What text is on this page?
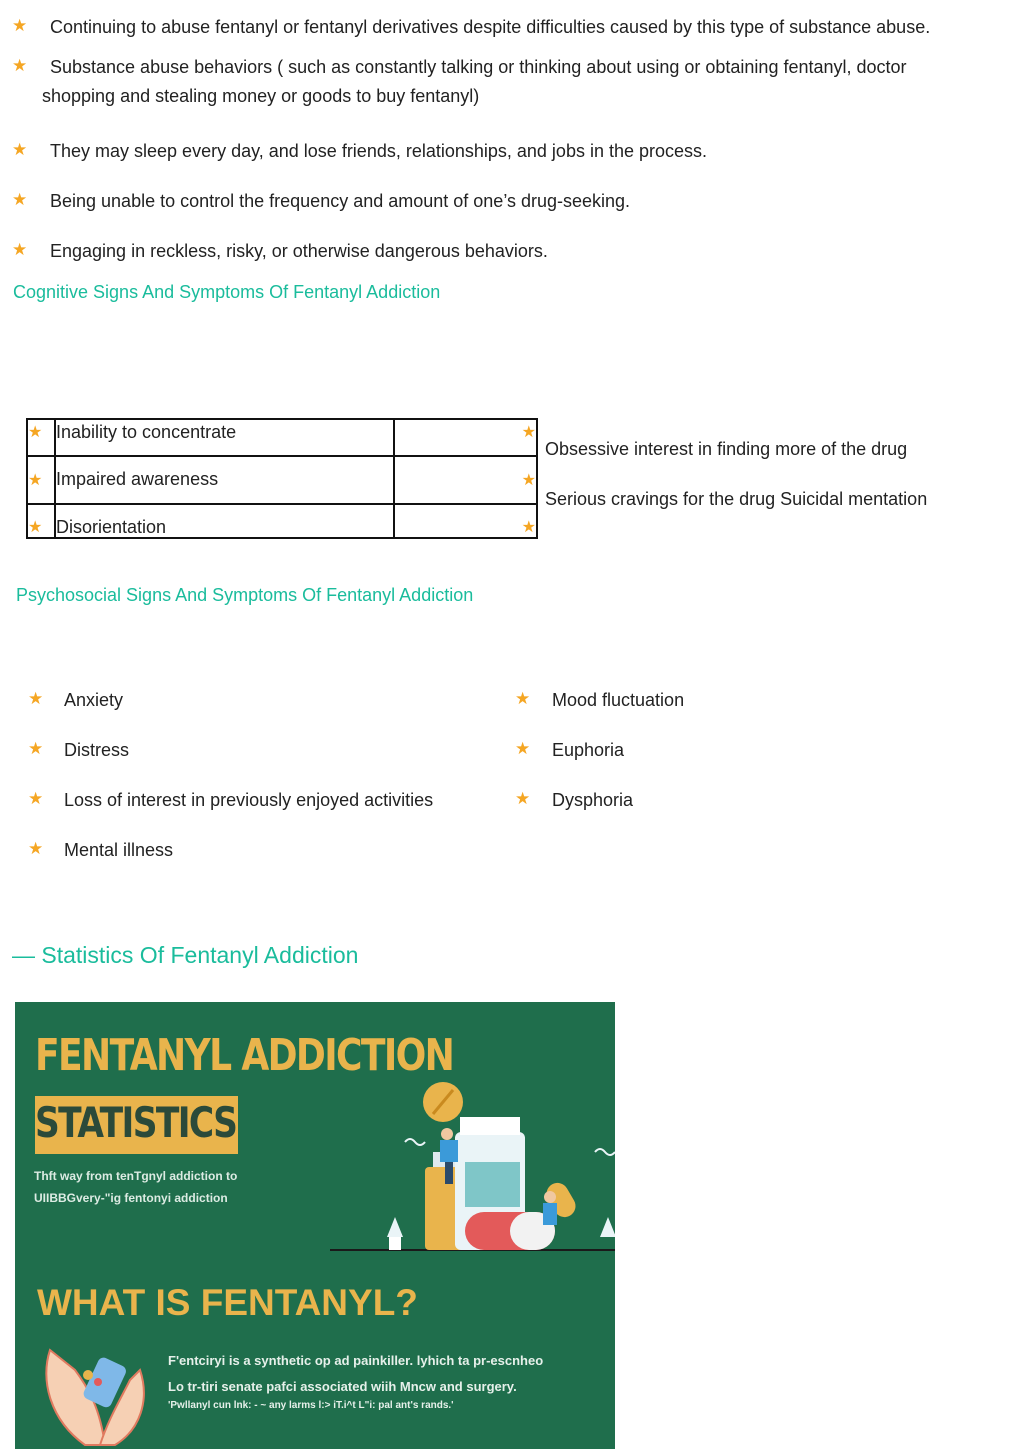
★ Continuing to abuse fentanyl or fentanyl derivatives despite difficulties caused by this type of substance abuse.
★ Substance abuse behaviors ( such as constantly talking or thinking about using or obtaining fentanyl, doctor
shopping and stealing money or goods to buy fentanyl)
★ They may sleep every day, and lose friends, relationships, and jobs in the process.
★ Being unable to control the frequency and amount of one’s drug-seeking.
★ Engaging in reckless, risky, or otherwise dangerous behaviors.
Cognitive Signs And Symptoms Of Fentanyl Addiction
★ Inability to concentrate	★
★ Impaired awareness	★
★ Disorientation	★
Obsessive interest in finding more of the drug
Serious cravings for the drug Suicidal mentation
Psychosocial Signs And Symptoms Of Fentanyl Addiction
★ Anxiety
★ Distress
★ Loss of interest in previously enjoyed activities
★ Mental illness
★ Mood fluctuation
★ Euphoria
★ Dysphoria
— Statistics Of Fentanyl Addiction
FENTANYL ADDICTION
STATISTICS
Thft way from tenTgnyl addiction to
UIIBBGvery-"ig fentonyi addiction
WHAT IS FENTANYL?
F'entciryi is a synthetic op ad painkiller. lyhich ta pr-escnheo
Lo tr-tiri senate pafci associated wiih Mncw and surgery.
'Pwllanyl cun lnk: - ~ any larms l:> iT.i^t L"i: pal ant's rands.'
